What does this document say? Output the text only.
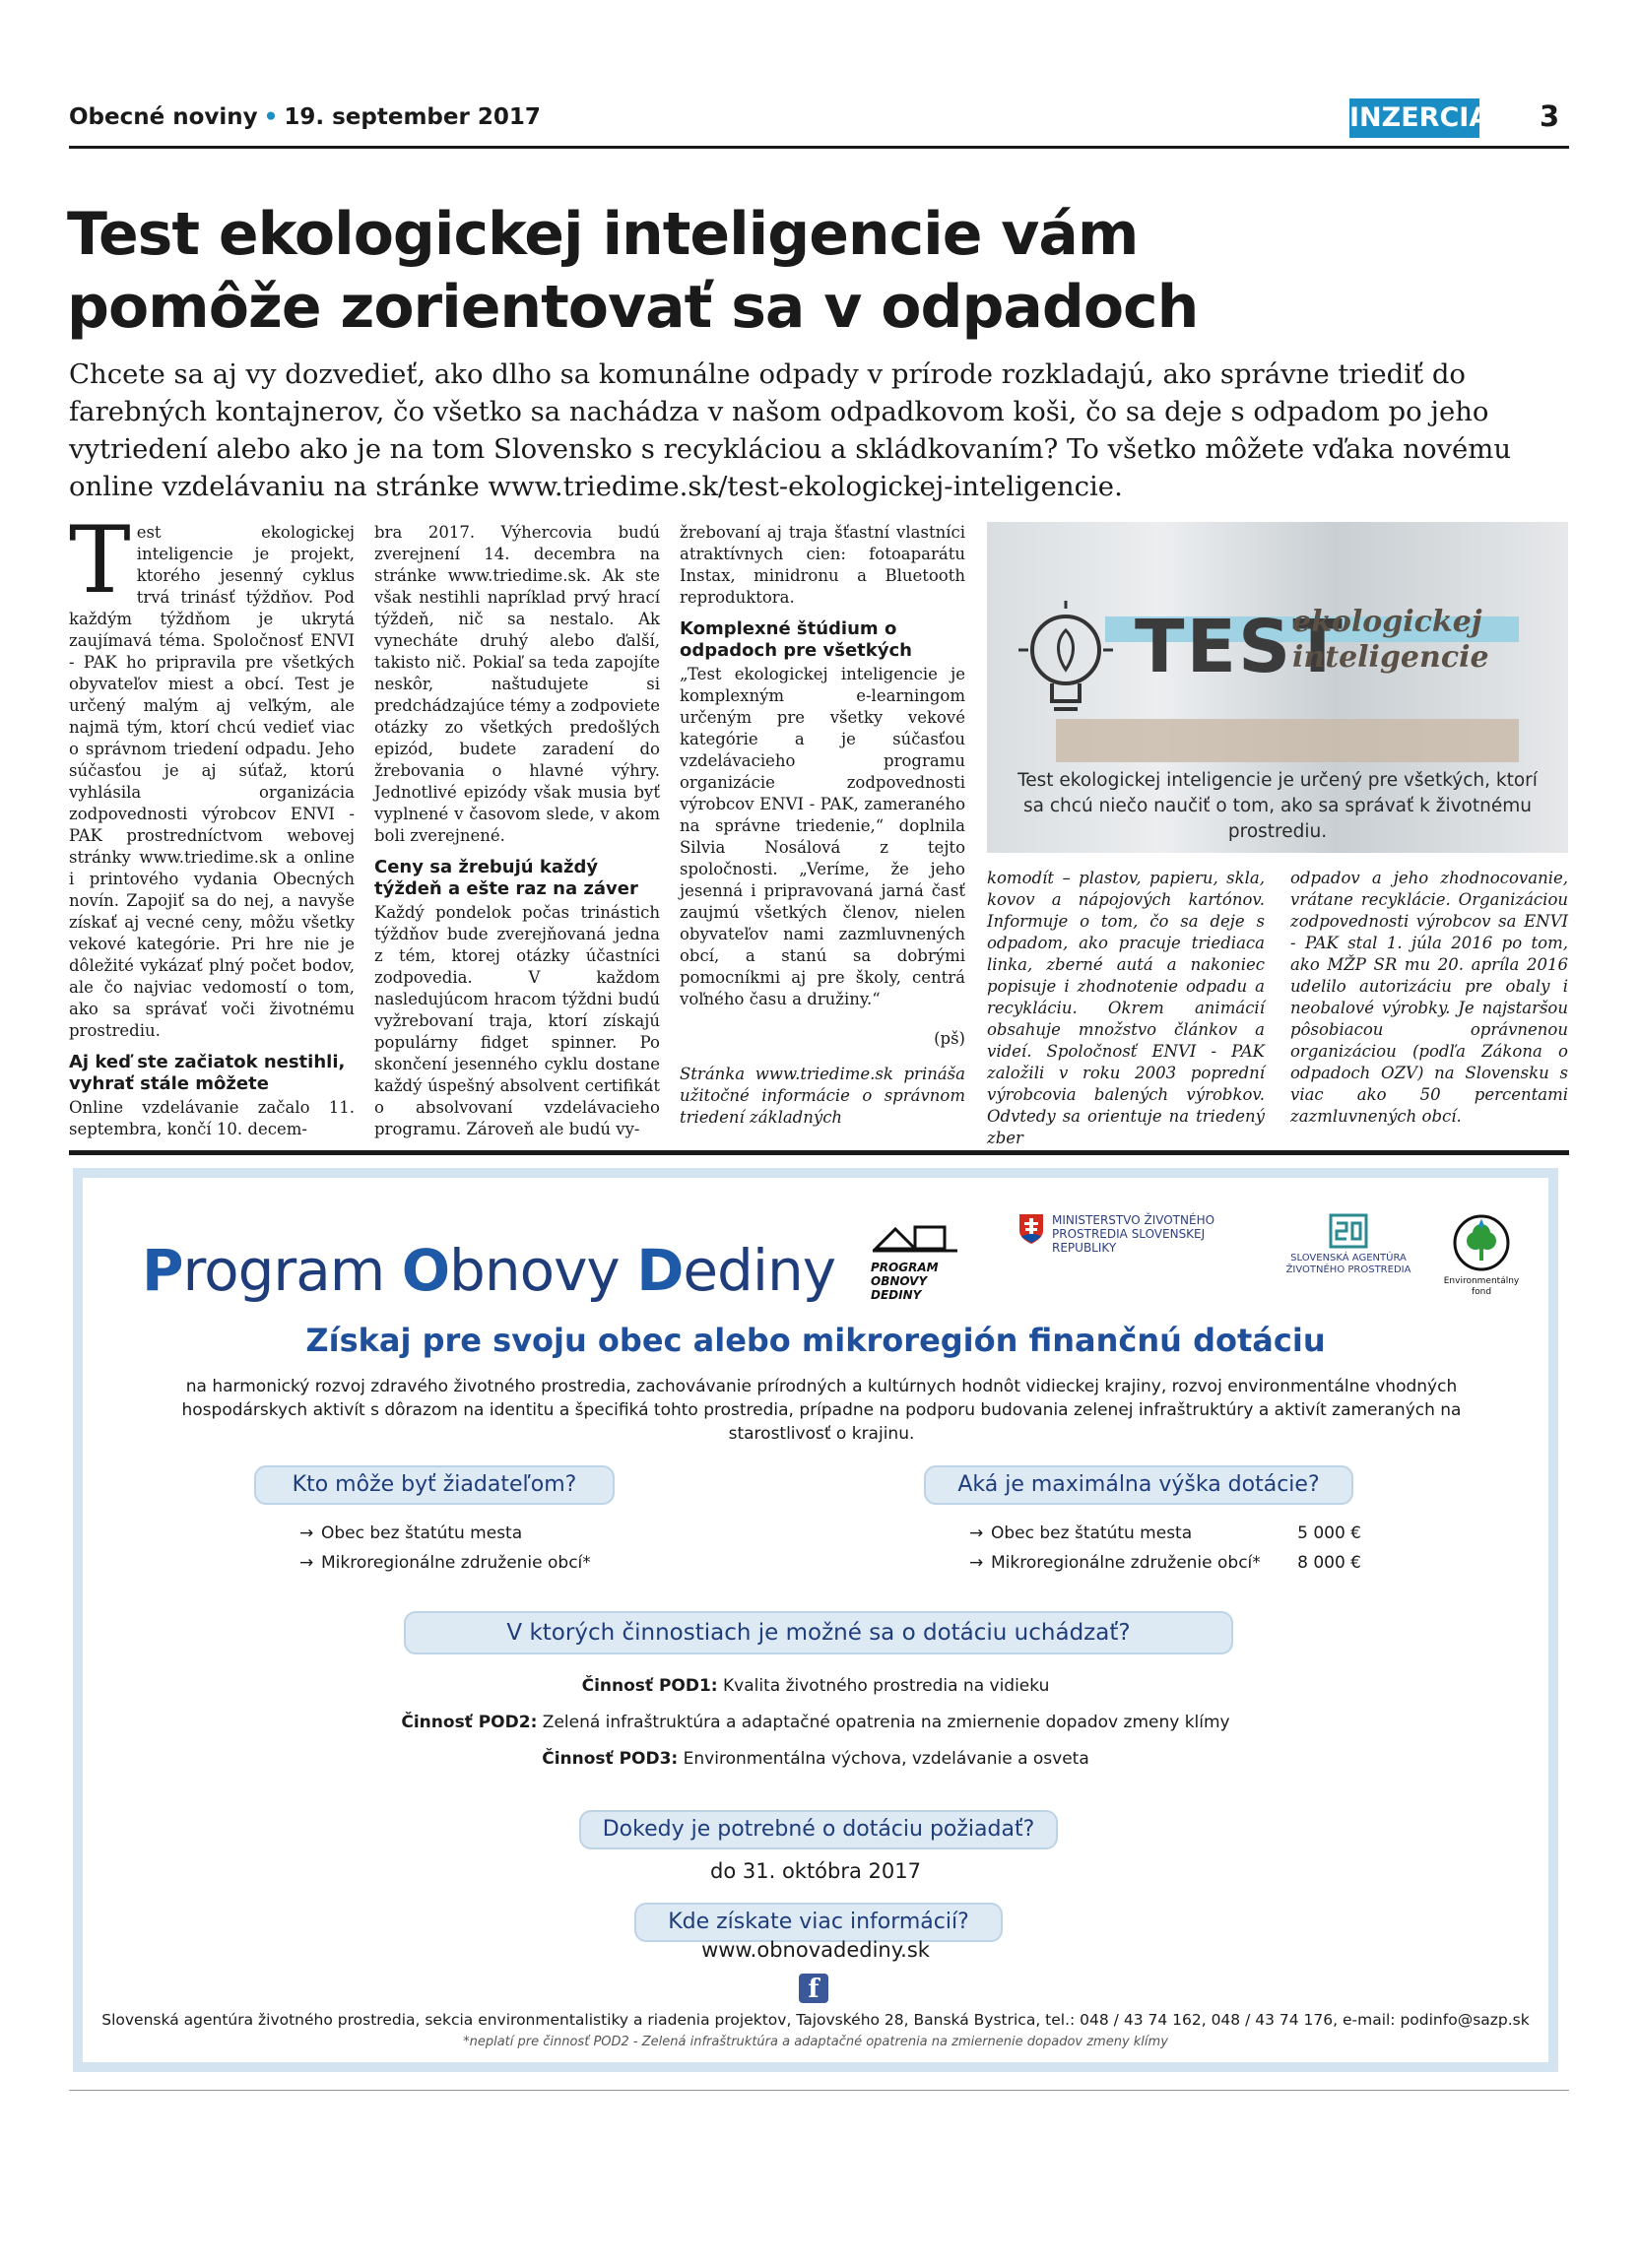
Obecné noviny • 19. september 2017	INZERCIA 3
Test ekologickej inteligencie vám
pomôže zorientovať sa v odpadoch

Chcete sa aj vy dozvedieť, ako dlho sa komunálne odpady v prírode rozkladajú, ako správne triediť do farebných kontajnerov, čo všetko sa nachádza v našom odpadkovom koši, čo sa deje s odpadom po jeho vytriedení alebo ako je na tom Slovensko s recykláciou a skládkovaním? To všetko môžete vďaka novému online vzdelávaniu na stránke www.triedime.sk/test-ekologickej-inteligencie.

T est ekologickej inteligencie je projekt, ktorého jesenný cyklus trvá trinásť týždňov. Pod každým týždňom je ukrytá zaujímavá téma. Spoločnosť ENVI - PAK ho pripravila pre všetkých obyvateľov miest a obcí. Test je určený malým aj veľkým, ale najmä tým, ktorí chcú vedieť viac o správnom triedení odpadu. Jeho súčasťou je aj súťaž, ktorú vyhlásila organizácia zodpovednosti výrobcov ENVI - PAK prostredníctvom webovej stránky www.triedime.sk a online i printového vydania Obecných novín. Zapojiť sa do nej, a navyše získať aj vecné ceny, môžu všetky vekové kategórie. Pri hre nie je dôležité vykázať plný počet bodov, ale čo najviac vedomostí o tom, ako sa správať voči životnému prostrediu.

Aj keď ste začiatok nestihli, vyhrať stále môžete

Online vzdelávanie začalo 11. septembra, končí 10. decem-

bra 2017. Výhercovia budú zverejnení 14. decembra na stránke www.triedime.sk. Ak ste však nestihli napríklad prvý hrací týždeň, nič sa nestalo. Ak vynecháte druhý alebo ďalší, takisto nič. Pokiaľ sa teda zapojíte neskôr, naštudujete si predchádzajúce témy a zodpoviete otázky zo všetkých predošlých epizód, budete zaradení do žrebovania o hlavné výhry. Jednotlivé epizódy však musia byť vyplnené v časovom slede, v akom boli zverejnené.

Ceny sa žrebujú každý týždeň a ešte raz na záver

Každý pondelok počas trinástich týždňov bude zverejňovaná jedna z tém, ktorej otázky účastníci zodpovedia. V každom nasledujúcom hracom týždni budú vyžrebovaní traja, ktorí získajú populárny fidget spinner. Po skončení jesenného cyklu dostane každý úspešný absolvent certifikát o absolvovaní vzdelávacieho programu. Zároveň ale budú vy-

žrebovaní aj traja šťastní vlastníci atraktívnych cien: fotoaparátu Instax, minidronu a Bluetooth reproduktora.

Komplexné štúdium o odpadoch pre všetkých

„Test ekologickej inteligencie je komplexným e-learningom určeným pre všetky vekové kategórie a je súčasťou vzdelávacieho programu organizácie zodpovednosti výrobcov ENVI - PAK, zameraného na správne triedenie,“ doplnila Silvia Nosálová z tejto spoločnosti. „Veríme, že jeho jesenná i pripravovaná jarná časť zaujmú všetkých členov, nielen obyvateľov nami zazmluvnených obcí, a stanú sa dobrými pomocníkmi aj pre školy, centrá voľného času a družiny.“

(pš)

Stránka www.triedime.sk prináša užitočné informácie o správnom triedení základných

TEST
ekologickej
inteligencie
Test ekologickej inteligencie je určený pre všetkých, ktorí sa chcú niečo naučiť o tom, ako sa správať k životnému prostrediu.

komodít – plastov, papieru, skla, kovov a nápojových kartónov. Informuje o tom, čo sa deje s odpadom, ako pracuje triediaca linka, zberné autá a nakoniec popisuje i zhodnotenie odpadu a recykláciu. Okrem animácií obsahuje množstvo článkov a videí. Spoločnosť ENVI - PAK založili v roku 2003 poprední výrobcovia balených výrobkov. Odvtedy sa orientuje na triedený zber

odpadov a jeho zhodnocovanie, vrátane recyklácie. Organizáciou zodpovednosti výrobcov sa ENVI - PAK stal 1. júla 2016 po tom, ako MŽP SR mu 20. apríla 2016 udelilo autorizáciu pre obaly i neobalové výrobky. Je najstaršou pôsobiacou oprávnenou organizáciou (podľa Zákona o odpadoch OZV) na Slovensku s viac ako 50 percentami zazmluvnených obcí.

Program Obnovy Dediny	PROGRAM OBNOVY DEDINY
MINISTERSTVO ŽIVOTNÉHO PROSTREDIA SLOVENSKEJ REPUBLIKY
SLOVENSKÁ AGENTÚRA ŽIVOTNÉHO PROSTREDIA
Environmentálny fond
Získaj pre svoju obec alebo mikroregión finančnú dotáciu
na harmonický rozvoj zdravého životného prostredia, zachovávanie prírodných a kultúrnych hodnôt vidieckej krajiny, rozvoj environmentálne vhodných hospodárskych aktivít s dôrazom na identitu a špecifiká tohto prostredia, prípadne na podporu budovania zelenej infraštruktúry a aktivít zameraných na starostlivosť o krajinu.
Kto môže byť žiadateľom?
→ Obec bez štatútu mesta
→ Mikroregionálne združenie obcí*
Aká je maximálna výška dotácie?
→ Obec bez štatútu mesta	5 000 €
→ Mikroregionálne združenie obcí* 8 000 €
V ktorých činnostiach je možné sa o dotáciu uchádzať?
Činnosť POD1: Kvalita životného prostredia na vidieku
Činnosť POD2: Zelená infraštruktúra a adaptačné opatrenia na zmiernenie dopadov zmeny klímy
Činnosť POD3: Environmentálna výchova, vzdelávanie a osveta
Dokedy je potrebné o dotáciu požiadať?
do 31. októbra 2017
Kde získate viac informácií?
www.obnovadediny.sk
f
Slovenská agentúra životného prostredia, sekcia environmentalistiky a riadenia projektov, Tajovského 28, Banská Bystrica, tel.: 048 / 43 74 162, 048 / 43 74 176, e-mail: podinfo@sazp.sk
*neplatí pre činnosť POD2 - Zelená infraštruktúra a adaptačné opatrenia na zmiernenie dopadov zmeny klímy
